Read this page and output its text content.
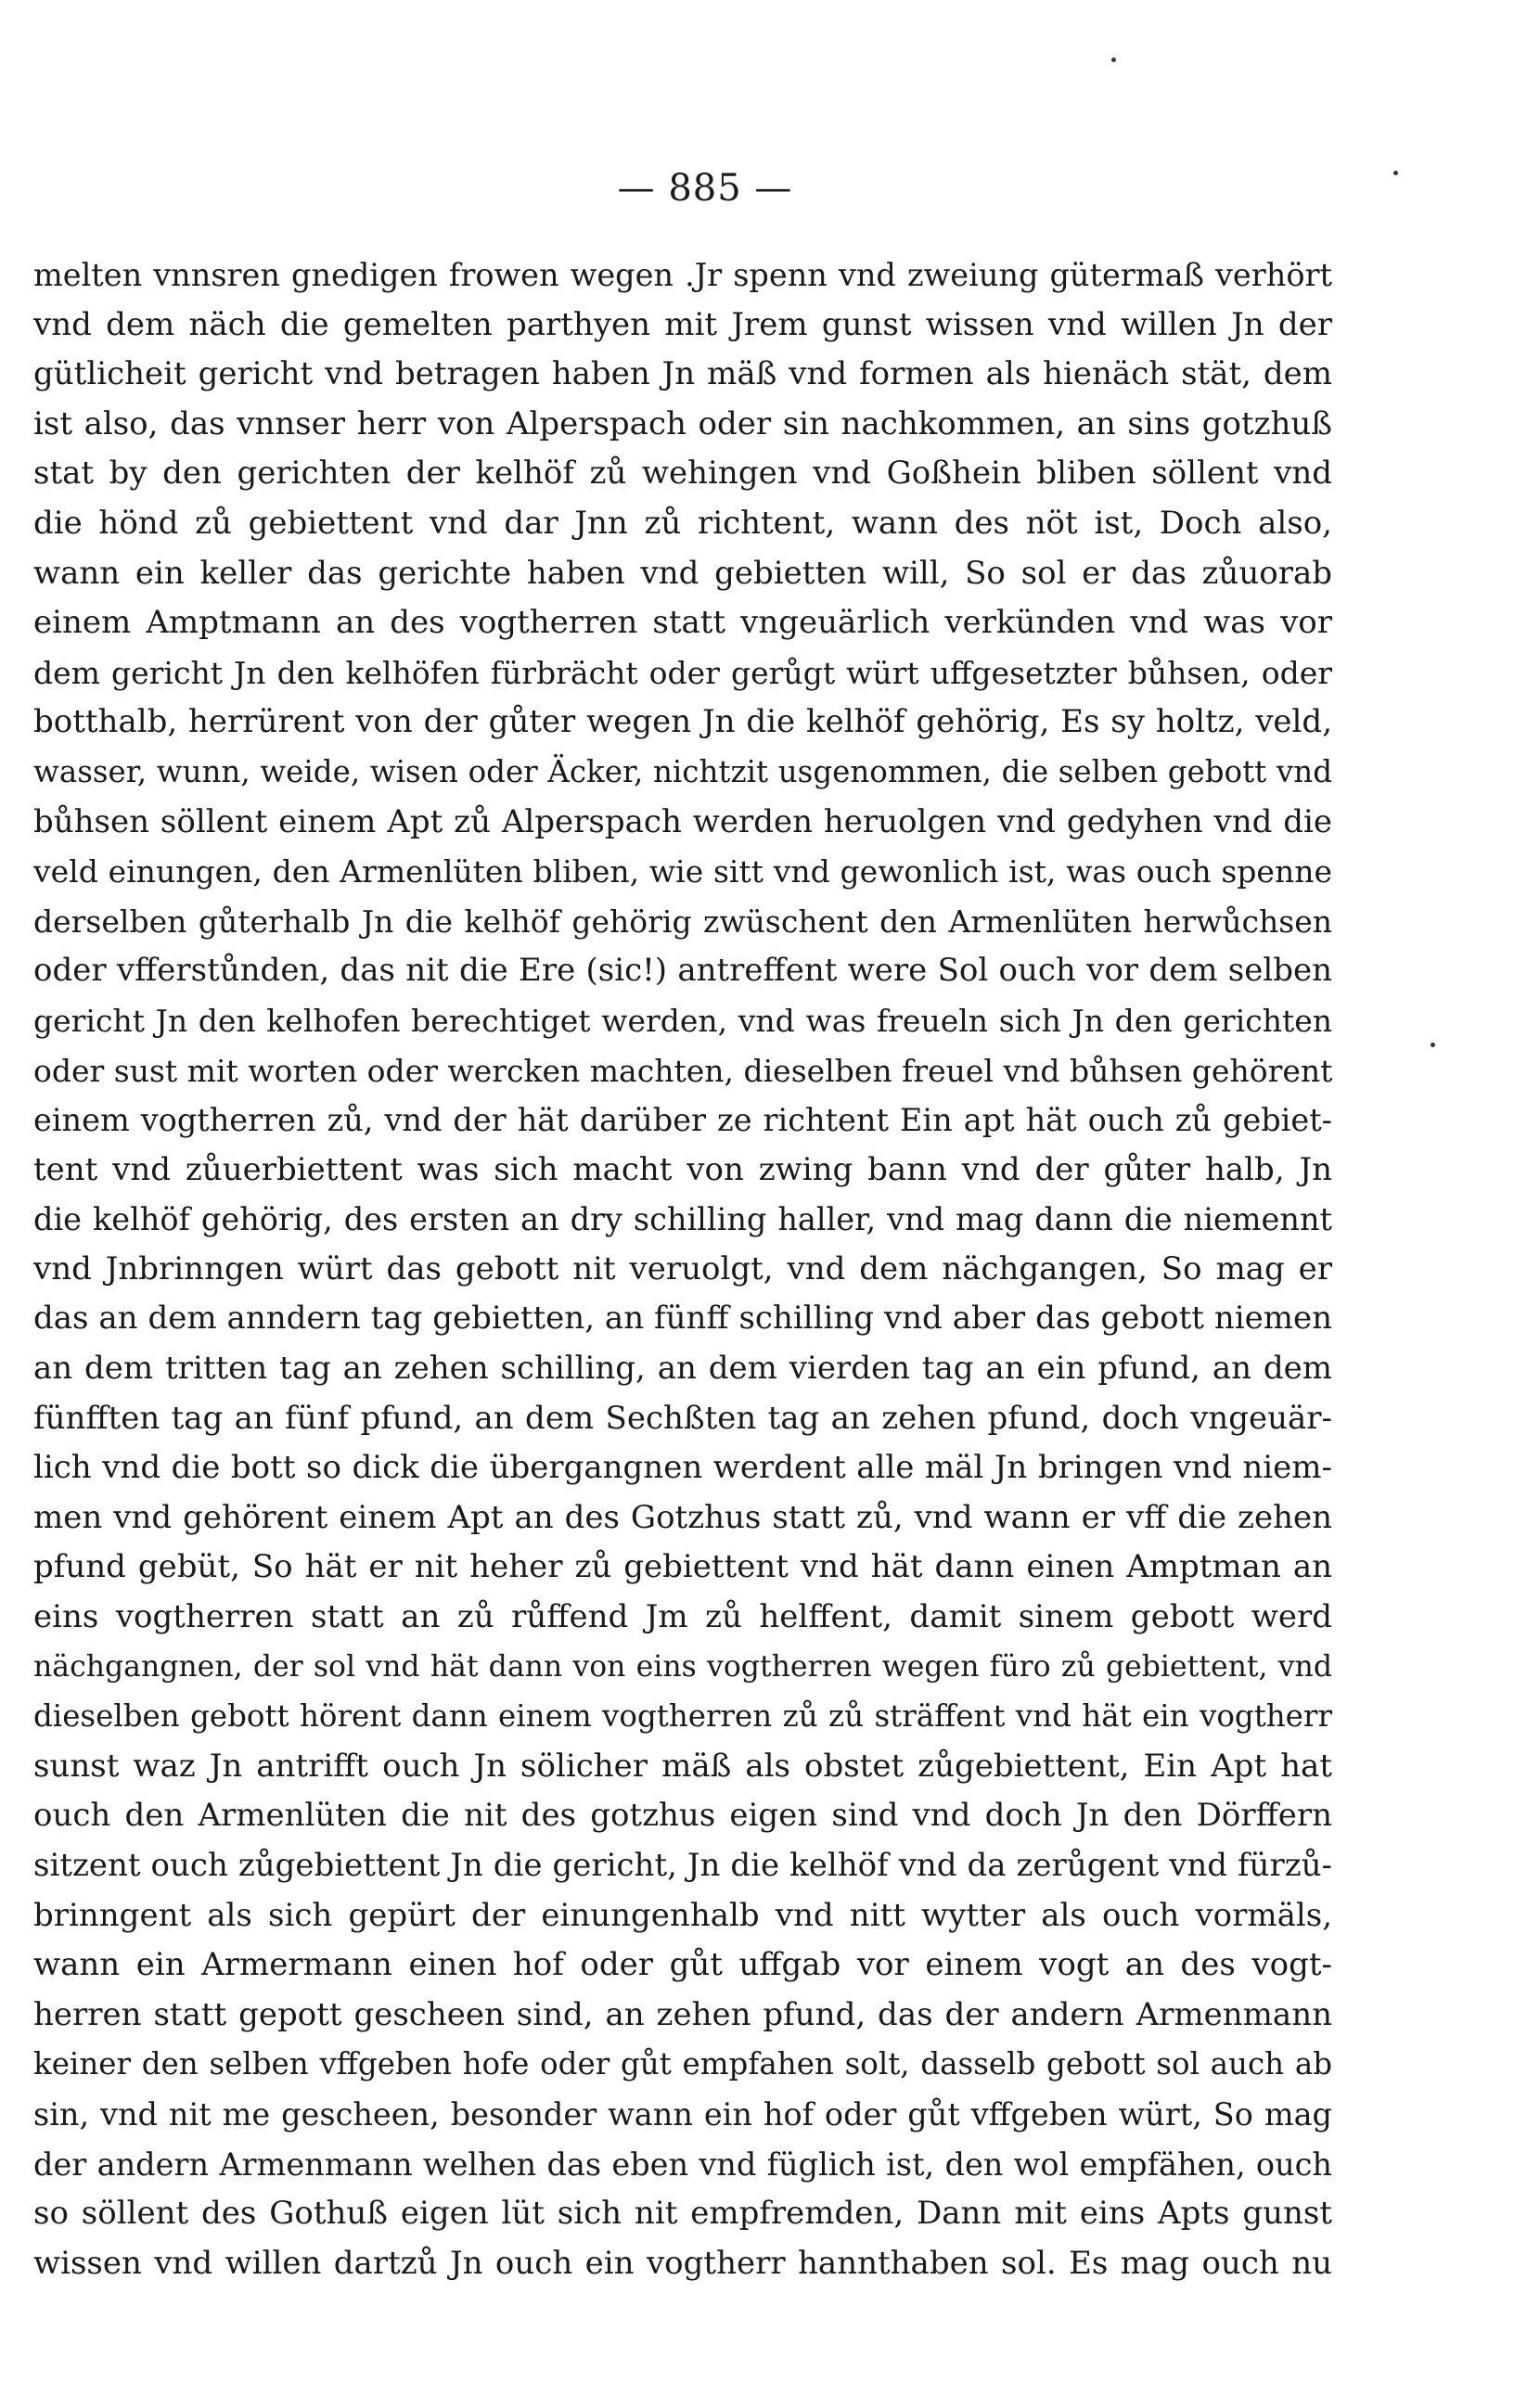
— 885 —
melten vnnsren gnedigen frowen wegen .Jr spenn vnd zweiung gütermaß verhört
vnd dem näch die gemelten parthyen mit Jrem gunst wissen vnd willen Jn der
gütlicheit gericht vnd betragen haben Jn mäß vnd formen als hienäch stät, dem
ist also, das vnnser herr von Alperspach oder sin nachkommen, an sins gotzhuß
stat by den gerichten der kelhöf zů wehingen vnd Goßhein bliben söllent vnd
die hönd zů gebiettent vnd dar Jnn zů richtent, wann des nöt ist, Doch also,
wann ein keller das gerichte haben vnd gebietten will, So sol er das zůuorab
einem Amptmann an des vogtherren statt vngeuärlich verkünden vnd was vor
dem gericht Jn den kelhöfen fürbrächt oder gerůgt würt uffgesetzter bůhsen, oder
botthalb, herrürent von der gůter wegen Jn die kelhöf gehörig, Es sy holtz, veld,
wasser, wunn, weide, wisen oder Äcker, nichtzit usgenommen, die selben gebott vnd
bůhsen söllent einem Apt zů Alperspach werden heruolgen vnd gedyhen vnd die
veld einungen, den Armenlüten bliben, wie sitt vnd gewonlich ist, was ouch spenne
derselben gůterhalb Jn die kelhöf gehörig zwüschent den Armenlüten herwůchsen
oder vfferstůnden, das nit die Ere (sic!) antreffent were Sol ouch vor dem selben
gericht Jn den kelhofen berechtiget werden, vnd was freueln sich Jn den gerichten
oder sust mit worten oder wercken machten, dieselben freuel vnd bůhsen gehörent
einem vogtherren zů, vnd der hät darüber ze richtent Ein apt hät ouch zů gebiet-
tent vnd zůuerbiettent was sich macht von zwing bann vnd der gůter halb, Jn
die kelhöf gehörig, des ersten an dry schilling haller, vnd mag dann die niemennt
vnd Jnbrinngen würt das gebott nit veruolgt, vnd dem nächgangen, So mag er
das an dem anndern tag gebietten, an fünff schilling vnd aber das gebott niemen
an dem tritten tag an zehen schilling, an dem vierden tag an ein pfund, an dem
fünfften tag an fünf pfund, an dem Sechßten tag an zehen pfund, doch vngeuär-
lich vnd die bott so dick die übergangnen werdent alle mäl Jn bringen vnd niem-
men vnd gehörent einem Apt an des Gotzhus statt zů, vnd wann er vff die zehen
pfund gebüt, So hät er nit heher zů gebiettent vnd hät dann einen Amptman an
eins vogtherren statt an zů růffend Jm zů helffent, damit sinem gebott werd
nächgangnen, der sol vnd hät dann von eins vogtherren wegen füro zů gebiettent, vnd
dieselben gebott hörent dann einem vogtherren zů zů sträffent vnd hät ein vogtherr
sunst waz Jn antrifft ouch Jn sölicher mäß als obstet zůgebiettent, Ein Apt hat
ouch den Armenlüten die nit des gotzhus eigen sind vnd doch Jn den Dörffern
sitzent ouch zůgebiettent Jn die gericht, Jn die kelhöf vnd da zerůgent vnd fürzů-
brinngent als sich gepürt der einungenhalb vnd nitt wytter als ouch vormäls,
wann ein Armermann einen hof oder gůt uffgab vor einem vogt an des vogt-
herren statt gepott gescheen sind, an zehen pfund, das der andern Armenmann
keiner den selben vffgeben hofe oder gůt empfahen solt, dasselb gebott sol auch ab
sin, vnd nit me gescheen, besonder wann ein hof oder gůt vffgeben würt, So mag
der andern Armenmann welhen das eben vnd füglich ist, den wol empfähen, ouch
so söllent des Gothuß eigen lüt sich nit empfremden, Dann mit eins Apts gunst
wissen vnd willen dartzů Jn ouch ein vogtherr hannthaben sol. Es mag ouch nu
